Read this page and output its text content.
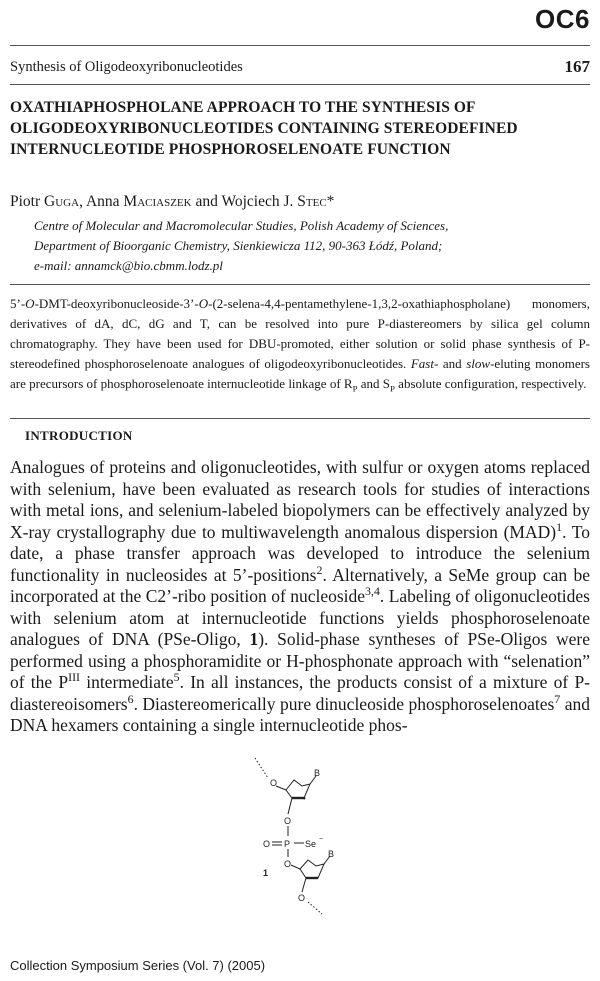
OC6
Synthesis of Oligodeoxyribonucleotides	167
OXATHIAPHOSPHOLANE APPROACH TO THE SYNTHESIS OF
OLIGODEOXYRIBONUCLEOTIDES CONTAINING STEREODEFINED
INTERNUCLEOTIDE PHOSPHOROSELENOATE FUNCTION
Piotr Guga, Anna Maciaszek and Wojciech J. Stec*
Centre of Molecular and Macromolecular Studies, Polish Academy of Sciences,
Department of Bioorganic Chemistry, Sienkiewicza 112, 90-363 Łódź, Poland;
e-mail: annamck@bio.cbmm.lodz.pl
5’-O-DMT-deoxyribonucleoside-3’-O-(2-selena-4,4-pentamethylene-1,3,2-oxathiaphospholane) monomers, derivatives of dA, dC, dG and T, can be resolved into pure P-diastereomers by silica gel column chromatography. They have been used for DBU-promoted, either solution or solid phase synthesis of P-stereodefined phosphoroselenoate analogues of oligodeoxyribonucleotides. Fast- and slow-eluting monomers are precursors of phosphoroselenoate internucleotide linkage of $R_P$ and $S_P$ absolute configuration, respectively.
INTRODUCTION
Analogues of proteins and oligonucleotides, with sulfur or oxygen atoms replaced with selenium, have been evaluated as research tools for studies of interactions with metal ions, and selenium-labeled biopolymers can be effectively analyzed by X-ray crystallography due to multiwavelength anomalous dispersion (MAD)$^1$. To date, a phase transfer approach was developed to introduce the selenium functionality in nucleosides at 5’-positions$^2$. Alternatively, a SeMe group can be incorporated at the C2’-ribo position of nucleoside$^{3,4}$. Labeling of oligonucleotides with selenium atom at internucleotide functions yields phosphoroselenoate analogues of DNA (PSe-Oligo, 1). Solid-phase syntheses of PSe-Oligos were performed using a phosphoramidite or H-phosphonate approach with “selenation” of the $P^{III}$ intermediate$^5$. In all instances, the products consist of a mixture of P-diastereoisomers$^6$. Diastereomerically pure dinucleoside phosphoroselenoates$^7$ and DNA hexamers containing a single internucleotide phos-
O
B
O
O P Se −
O
B
1
O
Collection Symposium Series (Vol. 7) (2005)
